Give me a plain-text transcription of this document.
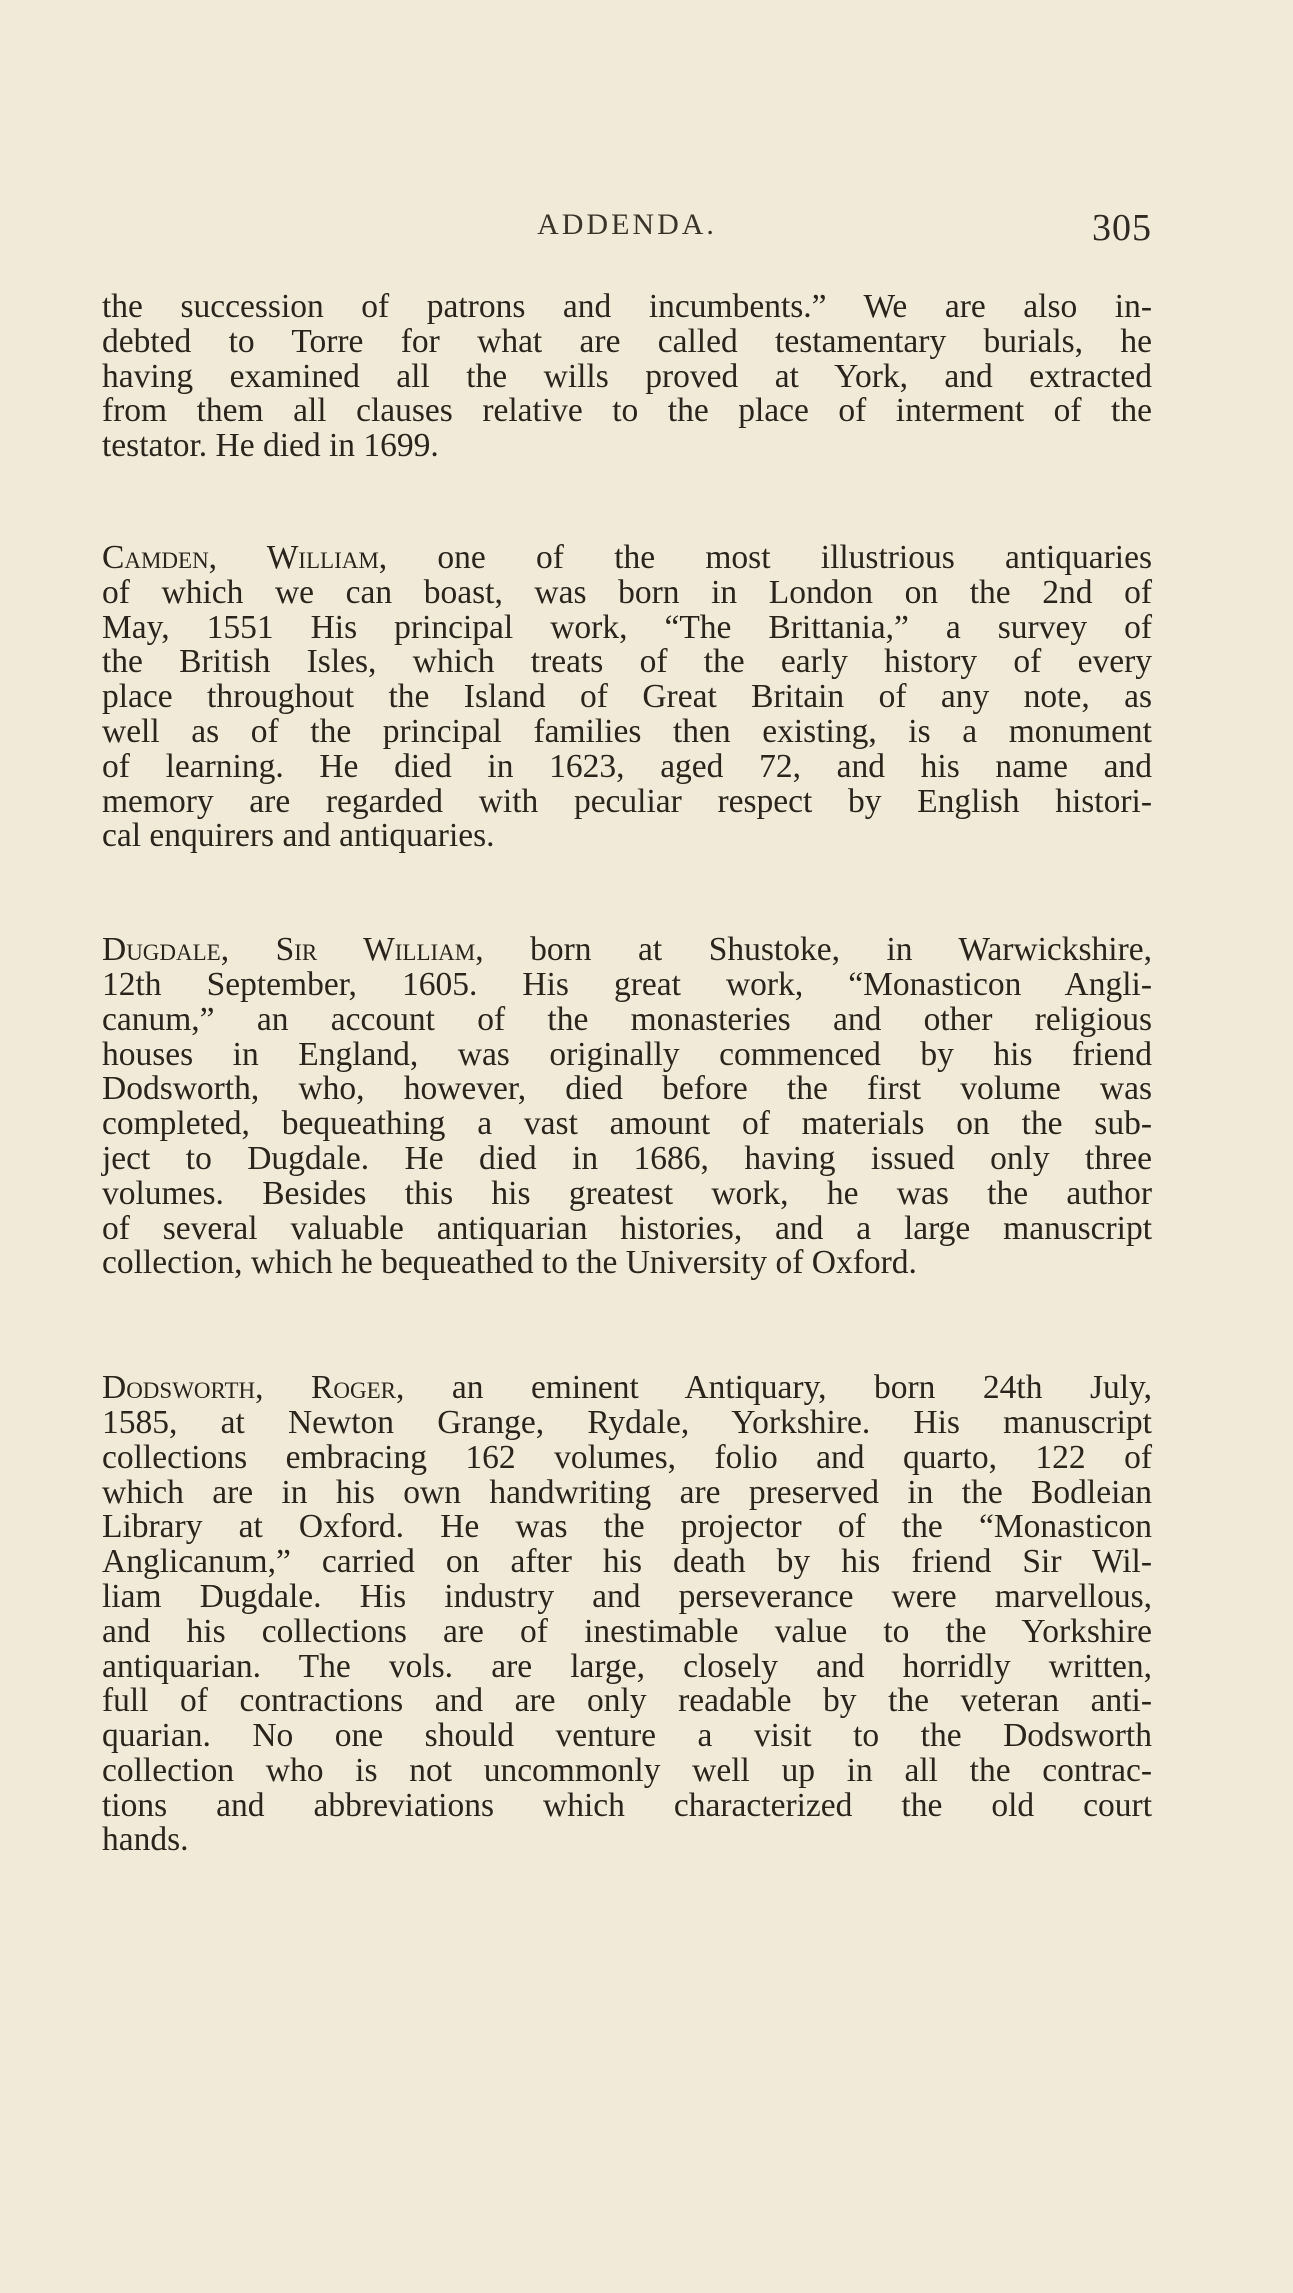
ADDENDA.	305
the succession of patrons and incumbents.” We are also in-
debted to Torre for what are called testamentary burials, he
having examined all the wills proved at York, and extracted
from them all clauses relative to the place of interment of the
testator. He died in 1699.
Camden, William, one of the most illustrious antiquaries
of which we can boast, was born in London on the 2nd of
May, 1551 His principal work, “The Brittania,” a survey of
the British Isles, which treats of the early history of every
place throughout the Island of Great Britain of any note, as
well as of the principal families then existing, is a monument
of learning. He died in 1623, aged 72, and his name and
memory are regarded with peculiar respect by English histori-
cal enquirers and antiquaries.
Dugdale, Sir William, born at Shustoke, in Warwickshire,
12th September, 1605. His great work, “Monasticon Angli-
canum,” an account of the monasteries and other religious
houses in England, was originally commenced by his friend
Dodsworth, who, however, died before the first volume was
completed, bequeathing a vast amount of materials on the sub-
ject to Dugdale. He died in 1686, having issued only three
volumes. Besides this his greatest work, he was the author
of several valuable antiquarian histories, and a large manuscript
collection, which he bequeathed to the University of Oxford.
Dodsworth, Roger, an eminent Antiquary, born 24th July,
1585, at Newton Grange, Rydale, Yorkshire. His manuscript
collections embracing 162 volumes, folio and quarto, 122 of
which are in his own handwriting are preserved in the Bodleian
Library at Oxford. He was the projector of the “Monasticon
Anglicanum,” carried on after his death by his friend Sir Wil-
liam Dugdale. His industry and perseverance were marvellous,
and his collections are of inestimable value to the Yorkshire
antiquarian. The vols. are large, closely and horridly written,
full of contractions and are only readable by the veteran anti-
quarian. No one should venture a visit to the Dodsworth
collection who is not uncommonly well up in all the contrac-
tions and abbreviations which characterized the old court
hands.
